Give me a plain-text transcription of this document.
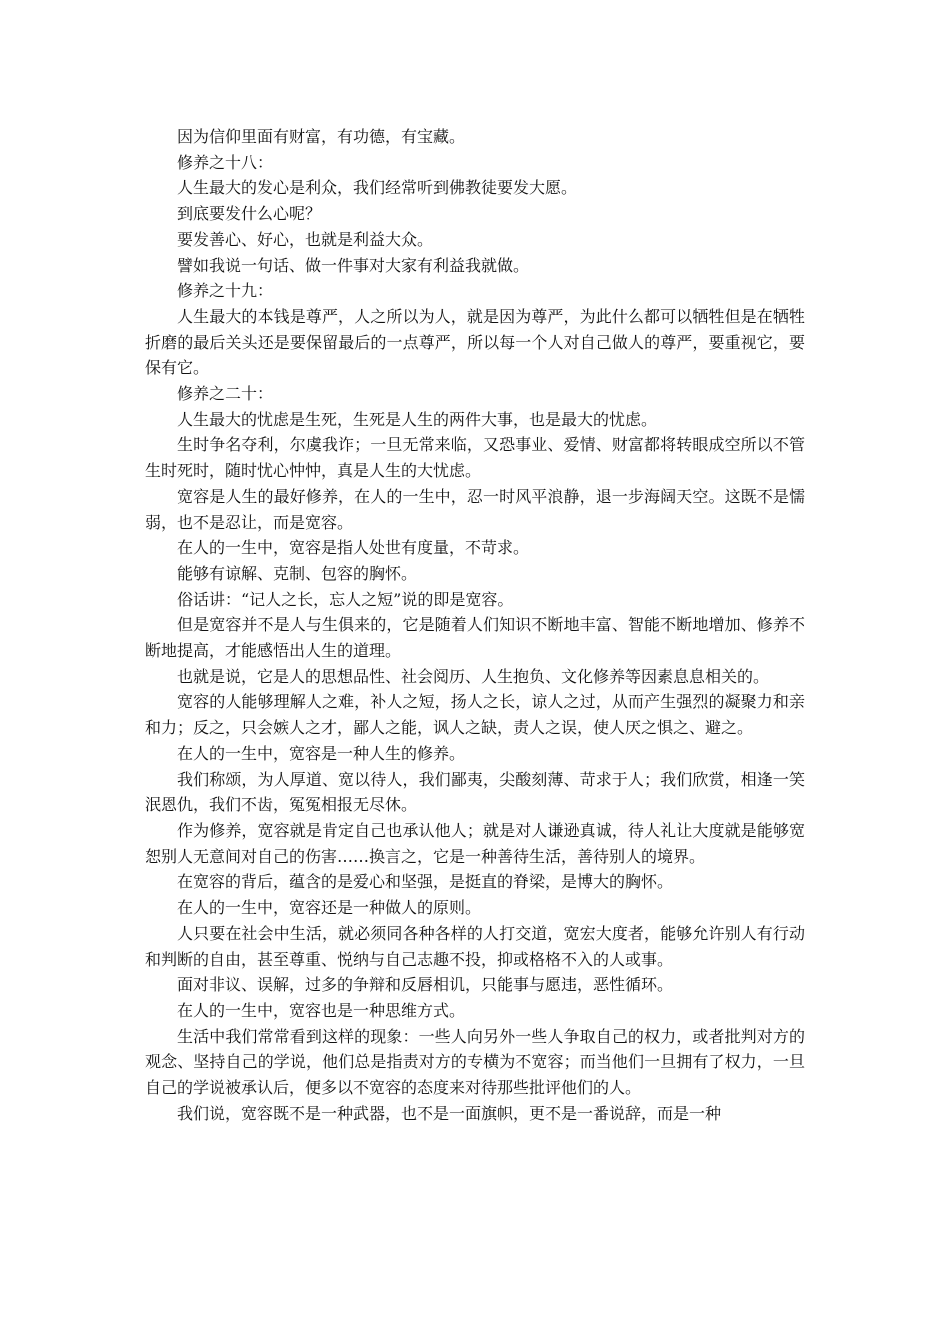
因为信仰里面有财富，有功德，有宝藏。

修养之十八：

人生最大的发心是利众，我们经常听到佛教徒要发大愿。

到底要发什么心呢？

要发善心、好心，也就是利益大众。

譬如我说一句话、做一件事对大家有利益我就做。

修养之十九：

人生最大的本钱是尊严，人之所以为人，就是因为尊严，为此什么都可以牺牲但是在牺牲折磨的最后关头还是要保留最后的一点尊严，所以每一个人对自己做人的尊严，要重视它，要保有它。

修养之二十：

人生最大的忧虑是生死，生死是人生的两件大事，也是最大的忧虑。

生时争名夺利，尔虞我诈；一旦无常来临，又恐事业、爱情、财富都将转眼成空所以不管生时死时，随时忧心忡忡，真是人生的大忧虑。

宽容是人生的最好修养，在人的一生中，忍一时风平浪静，退一步海阔天空。这既不是懦弱，也不是忍让，而是宽容。

在人的一生中，宽容是指人处世有度量，不苛求。

能够有谅解、克制、包容的胸怀。

俗话讲：“记人之长，忘人之短”说的即是宽容。

但是宽容并不是人与生俱来的，它是随着人们知识不断地丰富、智能不断地增加、修养不断地提高，才能感悟出人生的道理。

也就是说，它是人的思想品性、社会阅历、人生抱负、文化修养等因素息息相关的。

宽容的人能够理解人之难，补人之短，扬人之长，谅人之过，从而产生强烈的凝聚力和亲和力；反之，只会嫉人之才，鄙人之能，讽人之缺，责人之误，使人厌之惧之、避之。

在人的一生中，宽容是一种人生的修养。

我们称颂，为人厚道、宽以待人，我们鄙夷，尖酸刻薄、苛求于人；我们欣赏，相逢一笑泯恩仇，我们不齿，冤冤相报无尽休。

作为修养，宽容就是肯定自己也承认他人；就是对人谦逊真诚，待人礼让大度就是能够宽恕别人无意间对自己的伤害……换言之，它是一种善待生活，善待别人的境界。

在宽容的背后，蕴含的是爱心和坚强，是挺直的脊梁，是博大的胸怀。

在人的一生中，宽容还是一种做人的原则。

人只要在社会中生活，就必须同各种各样的人打交道，宽宏大度者，能够允许别人有行动和判断的自由，甚至尊重、悦纳与自己志趣不投，抑或格格不入的人或事。

面对非议、误解，过多的争辩和反唇相讥，只能事与愿违，恶性循环。

在人的一生中，宽容也是一种思维方式。

生活中我们常常看到这样的现象：一些人向另外一些人争取自己的权力，或者批判对方的观念、坚持自己的学说，他们总是指责对方的专横为不宽容；而当他们一旦拥有了权力，一旦自己的学说被承认后，便多以不宽容的态度来对待那些批评他们的人。

我们说，宽容既不是一种武器，也不是一面旗帜，更不是一番说辞，而是一种
